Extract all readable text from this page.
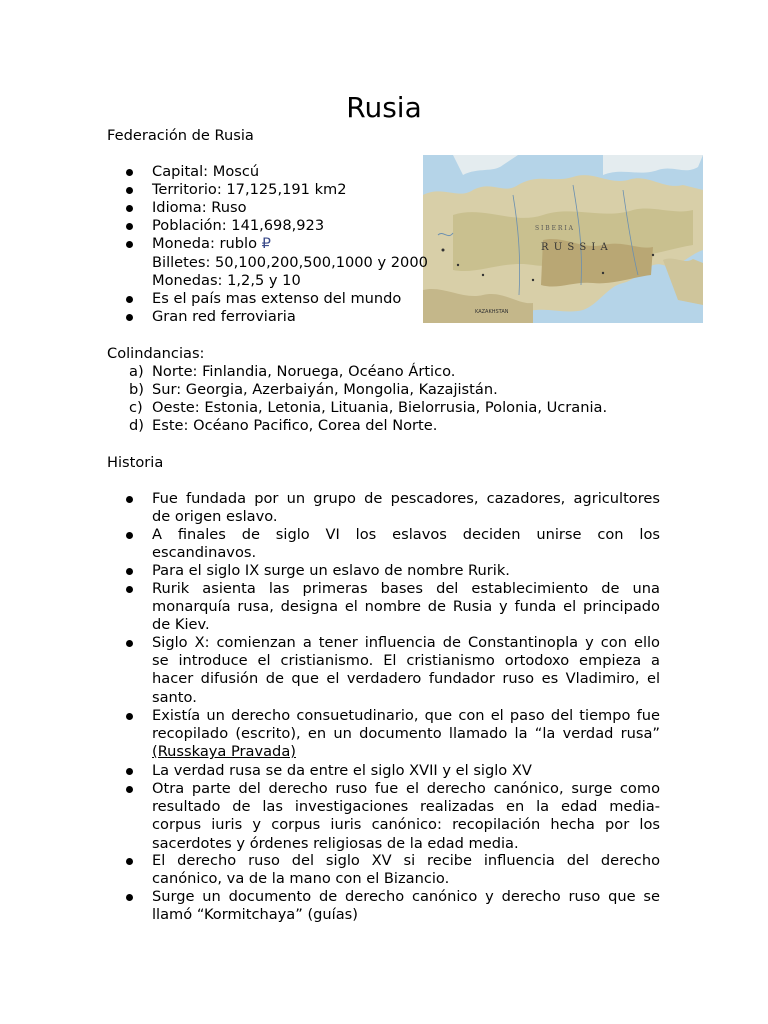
Rusia
Federación de Rusia
Capital: Moscú
Territorio: 17,125,191 km2
Idioma: Ruso
Población: 141,698,923
Moneda: rublo ₽
Billetes: 50,100,200,500,1000 y 2000
Monedas: 1,2,5 y 10
Es el país mas extenso del mundo
Gran red ferroviaria
R U S S I A
S I B E R I A
KAZAKHSTAN
Colindancias:
a) Norte: Finlandia, Noruega, Océano Ártico.
b) Sur: Georgia, Azerbaiyán, Mongolia, Kazajistán.
c) Oeste: Estonia, Letonia, Lituania, Bielorrusia, Polonia, Ucrania.
d) Este: Océano Pacifico, Corea del Norte.
Historia
Fue fundada por un grupo de pescadores, cazadores, agricultores
de origen eslavo.
A finales de siglo VI los eslavos deciden unirse con los
escandinavos.
Para el siglo IX surge un eslavo de nombre Rurik.
Rurik asienta las primeras bases del establecimiento de una
monarquía rusa, designa el nombre de Rusia y funda el principado
de Kiev.
Siglo X: comienzan a tener influencia de Constantinopla y con ello
se introduce el cristianismo. El cristianismo ortodoxo empieza a
hacer difusión de que el verdadero fundador ruso es Vladimiro, el
santo.
Existía un derecho consuetudinario, que con el paso del tiempo fue
recopilado (escrito), en un documento llamado la “la verdad rusa”
(Russkaya Pravada)
La verdad rusa se da entre el siglo XVII y el siglo XV
Otra parte del derecho ruso fue el derecho canónico, surge como
resultado de las investigaciones realizadas en la edad media-
corpus iuris y corpus iuris canónico: recopilación hecha por los
sacerdotes y órdenes religiosas de la edad media.
El derecho ruso del siglo XV si recibe influencia del derecho
canónico, va de la mano con el Bizancio.
Surge un documento de derecho canónico y derecho ruso que se
llamó “Kormitchaya” (guías)
